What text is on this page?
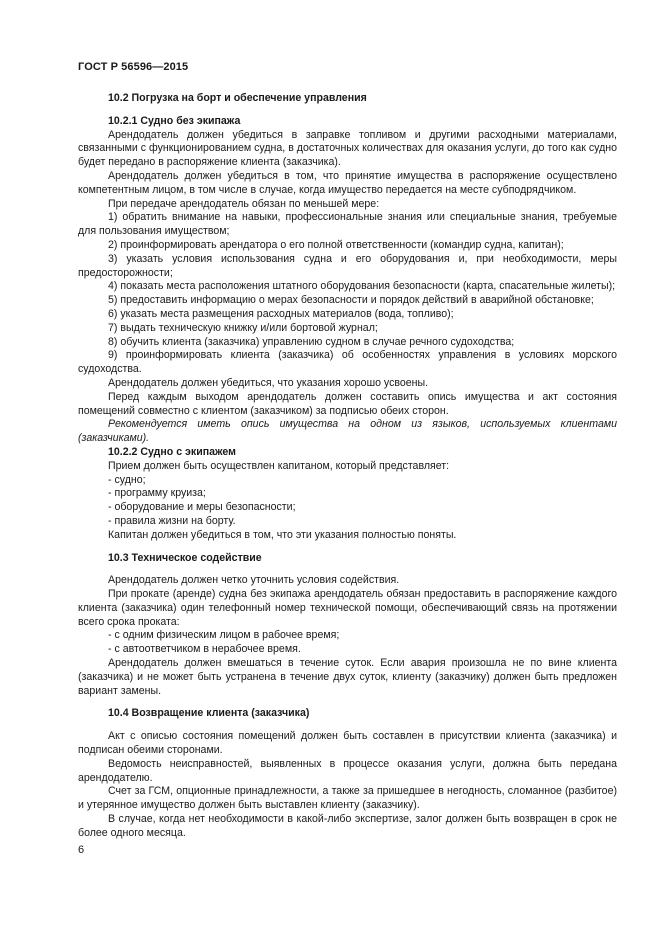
ГОСТ Р 56596—2015

10.2 Погрузка на борт и обеспечение управления

10.2.1 Судно без экипажа

Арендодатель должен убедиться в заправке топливом и другими расходными материалами, связанными с функционированием судна, в достаточных количествах для оказания услуги, до того как судно будет передано в распоряжение клиента (заказчика).

Арендодатель должен убедиться в том, что принятие имущества в распоряжение осуществлено компетентным лицом, в том числе в случае, когда имущество передается на месте субподрядчиком.

При передаче арендодатель обязан по меньшей мере:

1) обратить внимание на навыки, профессиональные знания или специальные знания, требуемые для пользования имуществом;

2) проинформировать арендатора о его полной ответственности (командир судна, капитан);

3) указать условия использования судна и его оборудования и, при необходимости, меры предосторожности;

4) показать места расположения штатного оборудования безопасности (карта, спасательные жилеты);

5) предоставить информацию о мерах безопасности и порядок действий в аварийной обстановке;

6) указать места размещения расходных материалов (вода, топливо);

7) выдать техническую книжку и/или бортовой журнал;

8) обучить клиента (заказчика) управлению судном в случае речного судоходства;

9) проинформировать клиента (заказчика) об особенностях управления в условиях морского судоходства.

Арендодатель должен убедиться, что указания хорошо усвоены.

Перед каждым выходом арендодатель должен составить опись имущества и акт состояния помещений совместно с клиентом (заказчиком) за подписью обеих сторон.

Рекомендуется иметь опись имущества на одном из языков, используемых клиентами (заказчиками).

10.2.2 Судно с экипажем

Прием должен быть осуществлен капитаном, который представляет:

- судно;

- программу круиза;

- оборудование и меры безопасности;

- правила жизни на борту.

Капитан должен убедиться в том, что эти указания полностью поняты.

10.3 Техническое содействие

Арендодатель должен четко уточнить условия содействия.

При прокате (аренде) судна без экипажа арендодатель обязан предоставить в распоряжение каждого клиента (заказчика) один телефонный номер технической помощи, обеспечивающий связь на протяжении всего срока проката:

- с одним физическим лицом в рабочее время;

- с автоответчиком в нерабочее время.

Арендодатель должен вмешаться в течение суток. Если авария произошла не по вине клиента (заказчика) и не может быть устранена в течение двух суток, клиенту (заказчику) должен быть предложен вариант замены.

10.4 Возвращение клиента (заказчика)

Акт с описью состояния помещений должен быть составлен в присутствии клиента (заказчика) и подписан обеими сторонами.

Ведомость неисправностей, выявленных в процессе оказания услуги, должна быть передана арендодателю.

Счет за ГСМ, опционные принадлежности, а также за пришедшее в негодность, сломанное (разбитое) и утерянное имущество должен быть выставлен клиенту (заказчику).

В случае, когда нет необходимости в какой-либо экспертизе, залог должен быть возвращен в срок не более одного месяца.

6
